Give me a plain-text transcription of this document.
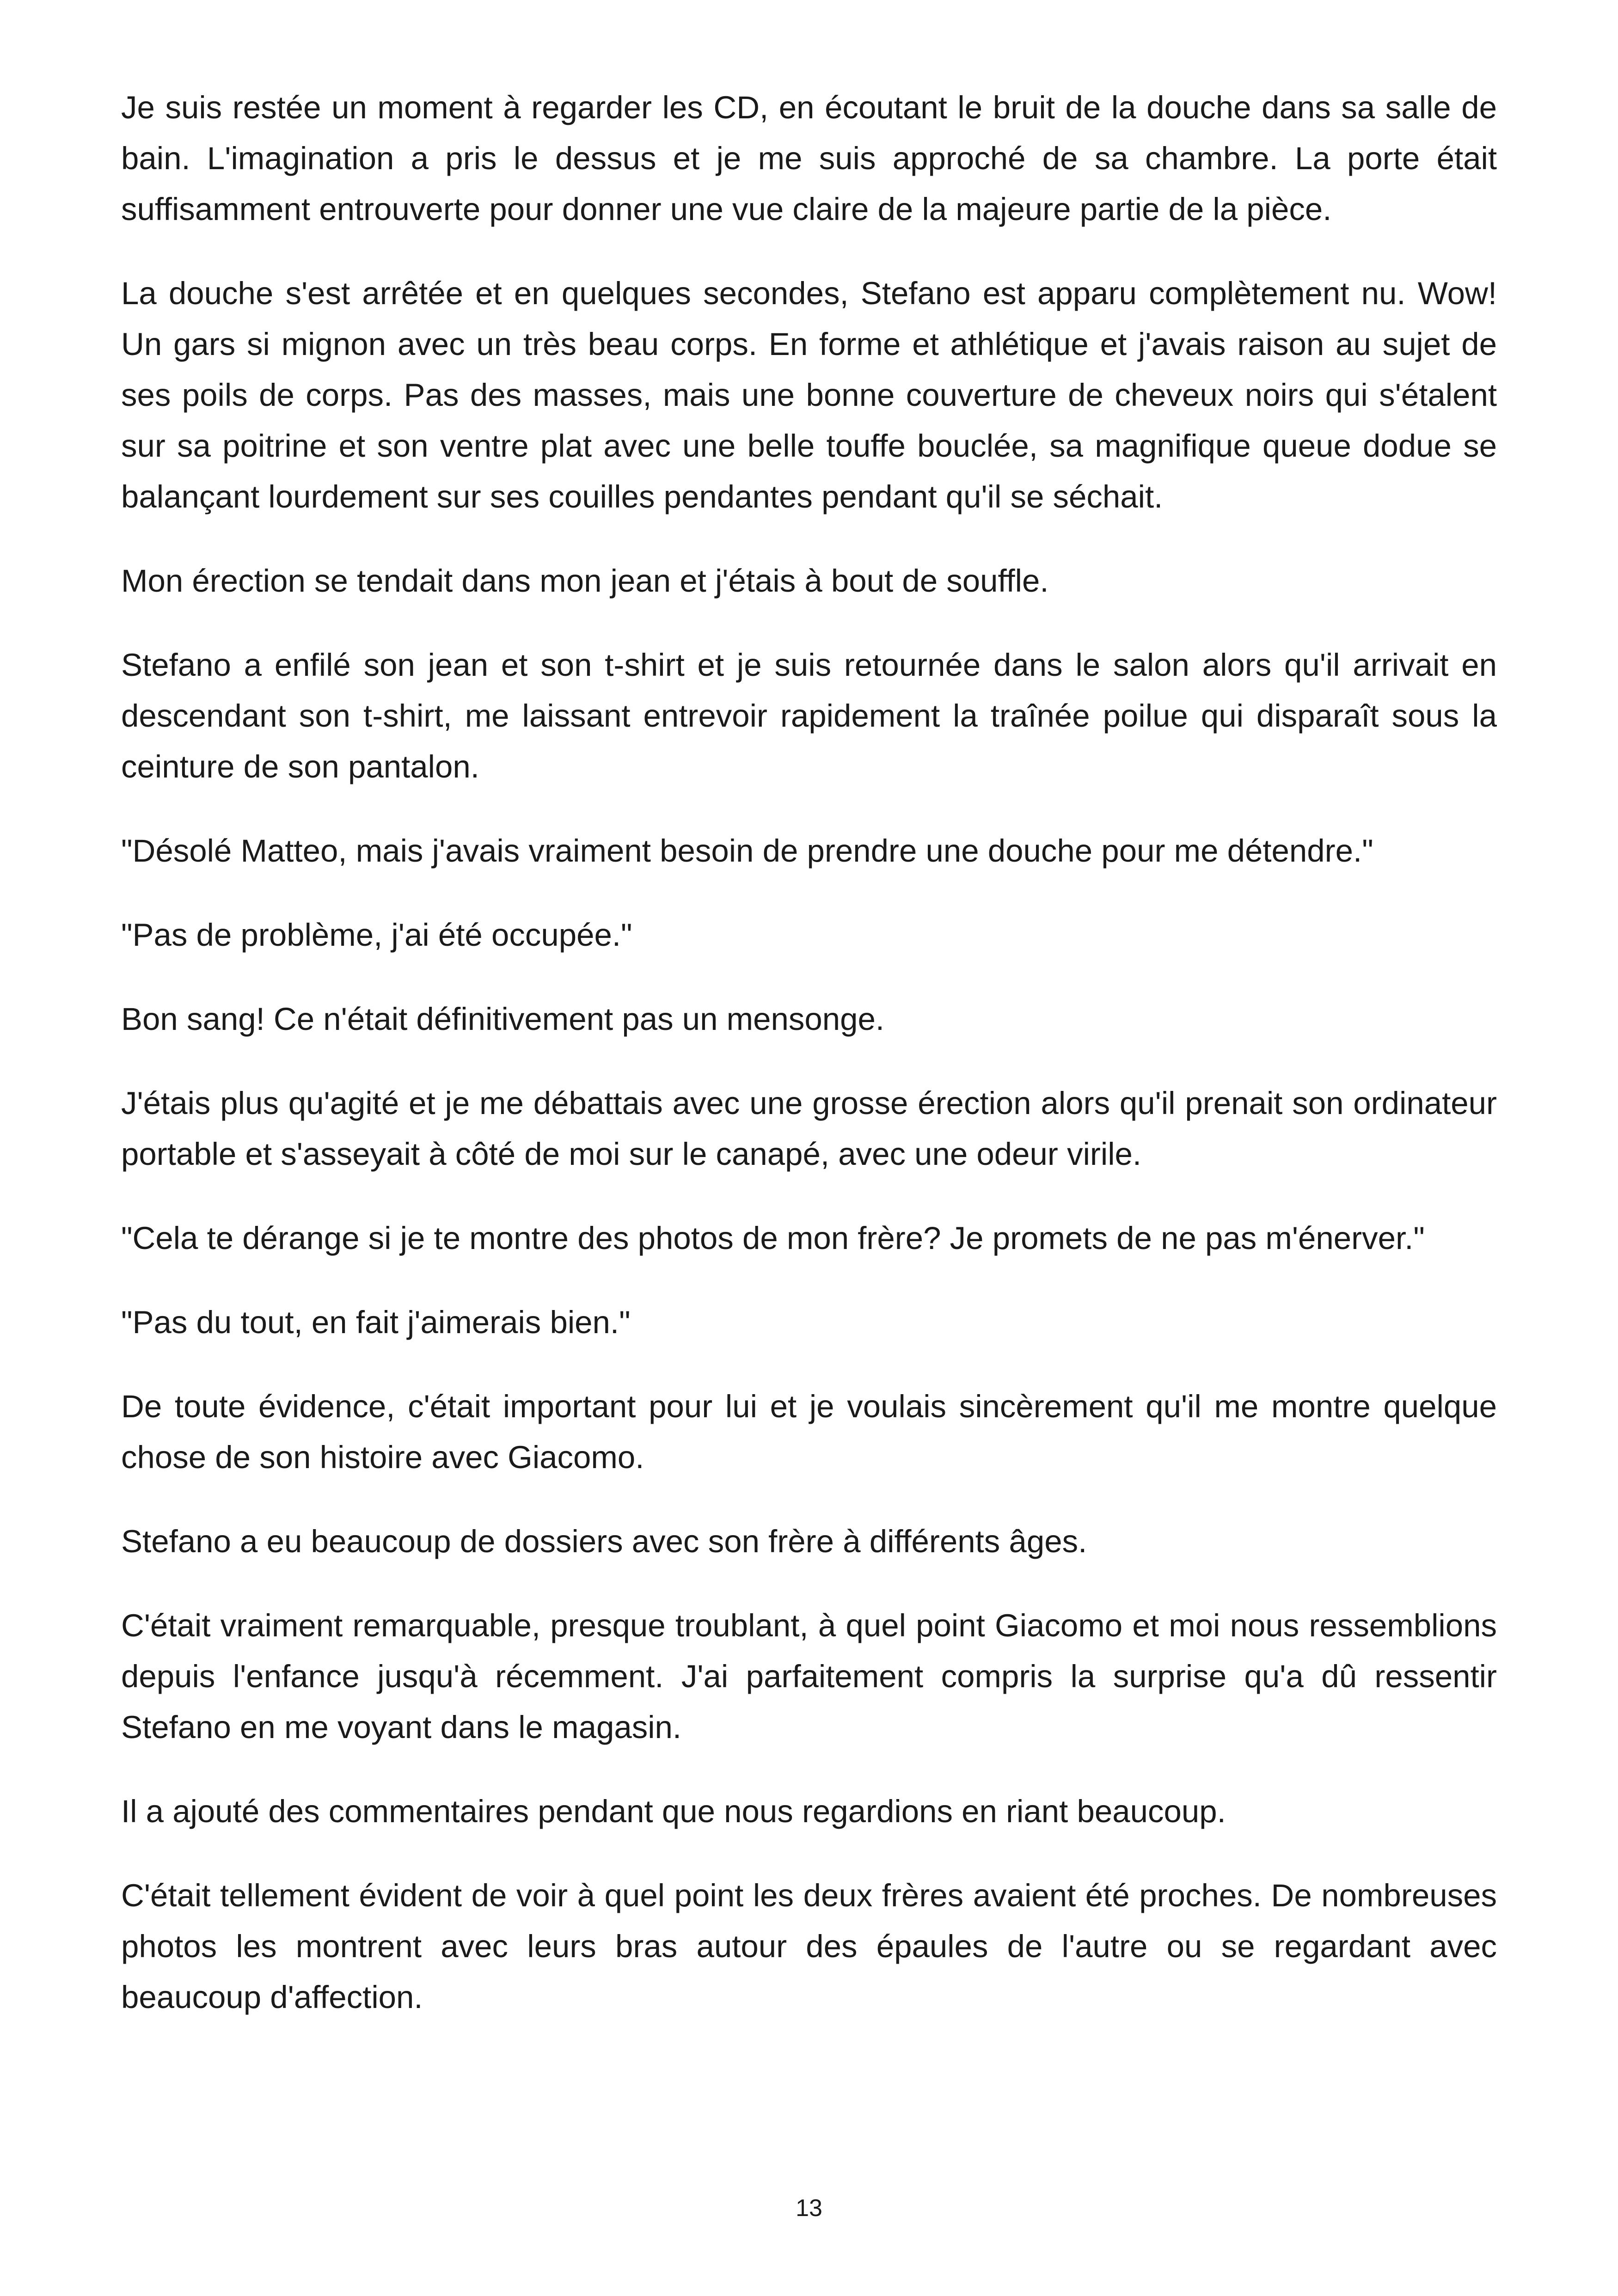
Je suis restée un moment à regarder les CD, en écoutant le bruit de la douche dans sa salle de bain. L'imagination a pris le dessus et je me suis approché de sa chambre. La porte était suffisamment entrouverte pour donner une vue claire de la majeure partie de la pièce.

La douche s'est arrêtée et en quelques secondes, Stefano est apparu complètement nu. Wow! Un gars si mignon avec un très beau corps. En forme et athlétique et j'avais raison au sujet de ses poils de corps. Pas des masses, mais une bonne couverture de cheveux noirs qui s'étalent sur sa poitrine et son ventre plat avec une belle touffe bouclée, sa magnifique queue dodue se balançant lourdement sur ses couilles pendantes pendant qu'il se séchait.

Mon érection se tendait dans mon jean et j'étais à bout de souffle.

Stefano a enfilé son jean et son t-shirt et je suis retournée dans le salon alors qu'il arrivait en descendant son t-shirt, me laissant entrevoir rapidement la traînée poilue qui disparaît sous la ceinture de son pantalon.

"Désolé Matteo, mais j'avais vraiment besoin de prendre une douche pour me détendre."

"Pas de problème, j'ai été occupée."

Bon sang! Ce n'était définitivement pas un mensonge.

J'étais plus qu'agité et je me débattais avec une grosse érection alors qu'il prenait son ordinateur portable et s'asseyait à côté de moi sur le canapé, avec une odeur virile.

"Cela te dérange si je te montre des photos de mon frère? Je promets de ne pas m'énerver."

"Pas du tout, en fait j'aimerais bien."

De toute évidence, c'était important pour lui et je voulais sincèrement qu'il me montre quelque chose de son histoire avec Giacomo.

Stefano a eu beaucoup de dossiers avec son frère à différents âges.

C'était vraiment remarquable, presque troublant, à quel point Giacomo et moi nous ressemblions depuis l'enfance jusqu'à récemment. J'ai parfaitement compris la surprise qu'a dû ressentir Stefano en me voyant dans le magasin.

Il a ajouté des commentaires pendant que nous regardions en riant beaucoup.

C'était tellement évident de voir à quel point les deux frères avaient été proches. De nombreuses photos les montrent avec leurs bras autour des épaules de l'autre ou se regardant avec beaucoup d'affection.

13
